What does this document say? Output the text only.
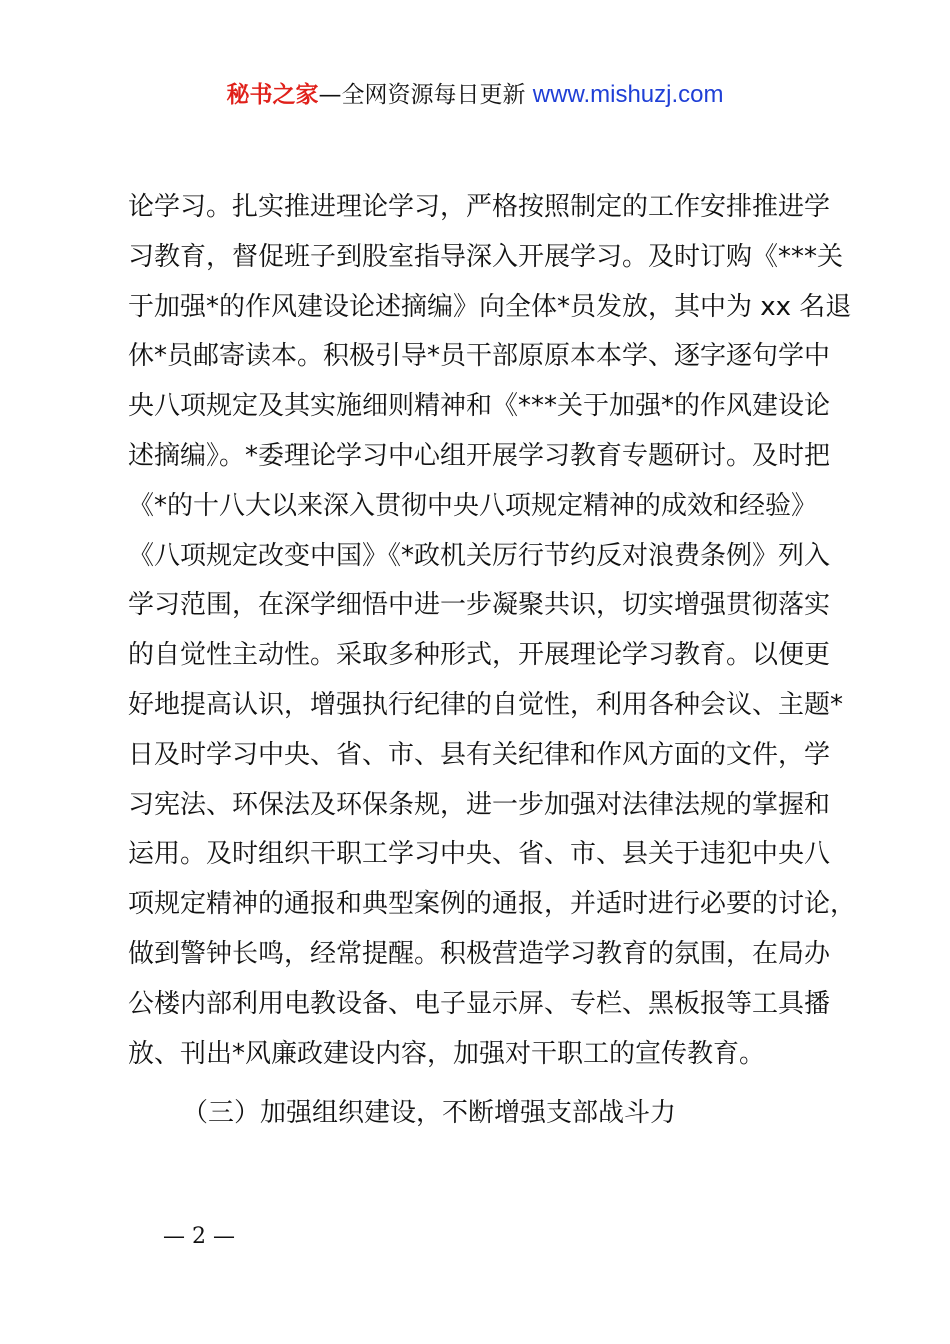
秘书之家—全网资源每日更新 www.mishuzj.com
论学习。扎实推进理论学习，严格按照制定的工作安排推进学
习教育，督促班子到股室指导深入开展学习。及时订购《***关
于加强*的作风建设论述摘编》向全体*员发放，其中为 xx 名退
休*员邮寄读本。积极引导*员干部原原本本学、逐字逐句学中
央八项规定及其实施细则精神和《***关于加强*的作风建设论
述摘编》。*委理论学习中心组开展学习教育专题研讨。及时把
《*的十八大以来深入贯彻中央八项规定精神的成效和经验》
《八项规定改变中国》《*政机关厉行节约反对浪费条例》列入
学习范围，在深学细悟中进一步凝聚共识，切实增强贯彻落实
的自觉性主动性。采取多种形式，开展理论学习教育。以便更
好地提高认识，增强执行纪律的自觉性，利用各种会议、主题*
日及时学习中央、省、市、县有关纪律和作风方面的文件，学
习宪法、环保法及环保条规，进一步加强对法律法规的掌握和
运用。及时组织干职工学习中央、省、市、县关于违犯中央八
项规定精神的通报和典型案例的通报，并适时进行必要的讨论，
做到警钟长鸣，经常提醒。积极营造学习教育的氛围，在局办
公楼内部利用电教设备、电子显示屏、专栏、黑板报等工具播
放、刊出*风廉政建设内容，加强对干职工的宣传教育。
（三）加强组织建设，不断增强支部战斗力
— 2 —
